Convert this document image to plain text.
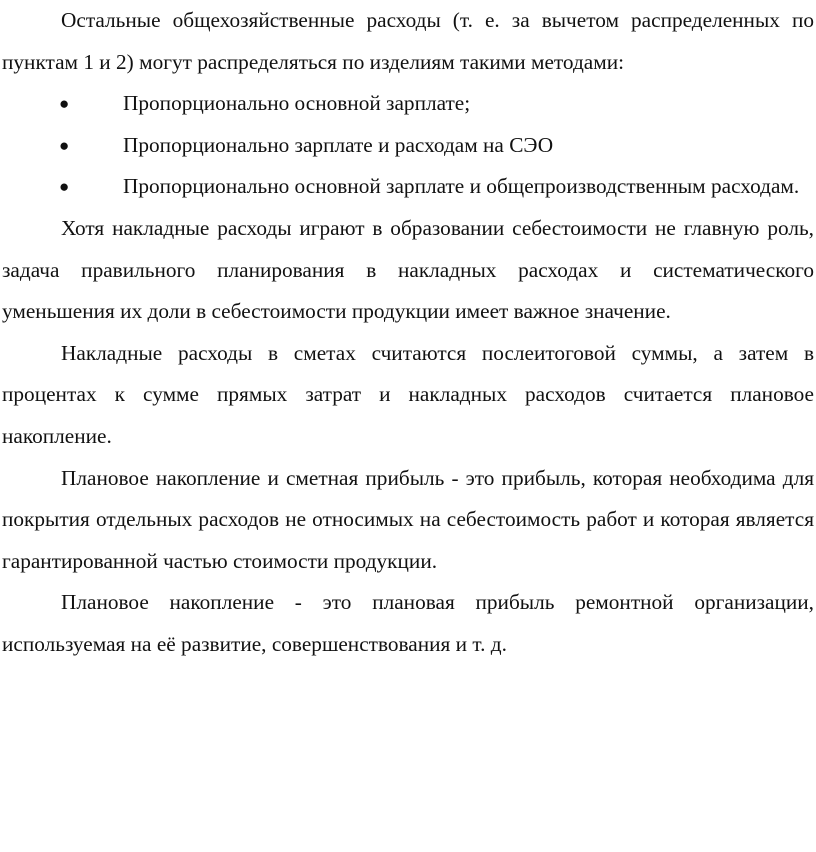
Остальные общехозяйственные расходы (т. е. за вычетом распределенных по пунктам 1 и 2) могут распределяться по изделиям такими методами:

●	Пропорционально основной зарплате;

●	Пропорционально зарплате и расходам на СЭО

●	Пропорционально основной зарплате и общепроизводственным расходам.

Хотя накладные расходы играют в образовании себестоимости не главную роль, задача правильного планирования в накладных расходах и систематического уменьшения их доли в себестоимости продукции имеет важное значение.

Накладные расходы в сметах считаются послеитоговой суммы, а затем в процентах к сумме прямых затрат и накладных расходов считается плановое накопление.

Плановое накопление и сметная прибыль - это прибыль, которая необходима для покрытия отдельных расходов не относимых на себестоимость работ и которая является гарантированной частью стоимости продукции.

Плановое накопление - это плановая прибыль ремонтной организации, используемая на её развитие, совершенствования и т. д.
